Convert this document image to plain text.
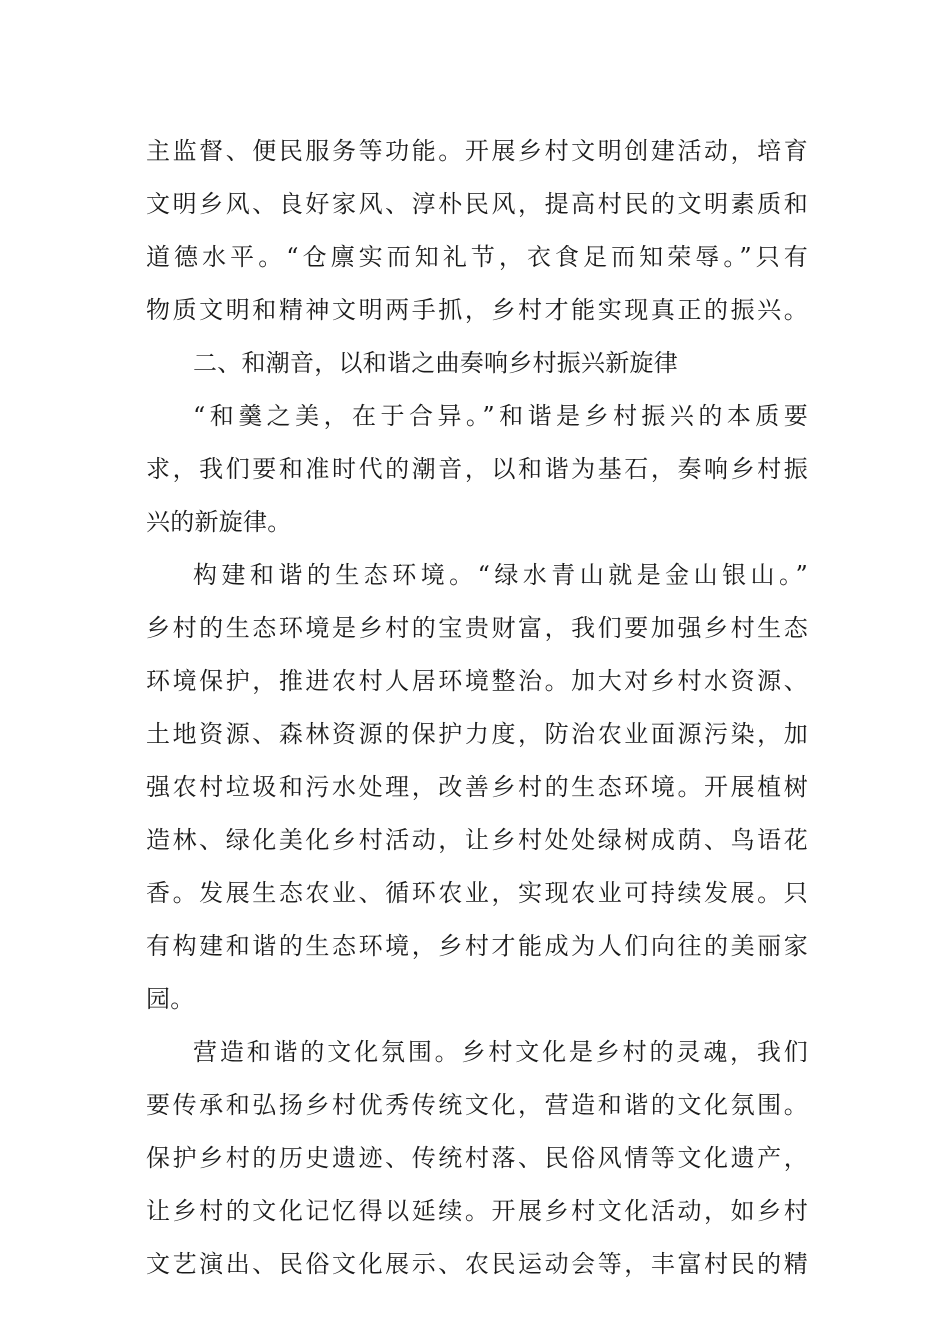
主监督、便民服务等功能。开展乡村文明创建活动，培育
文明乡风、良好家风、淳朴民风，提高村民的文明素质和
道德水平。“仓廪实而知礼节，衣食足而知荣辱。”只有
物质文明和精神文明两手抓，乡村才能实现真正的振兴。
二、和潮音，以和谐之曲奏响乡村振兴新旋律
“和羹之美，在于合异。”和谐是乡村振兴的本质要
求，我们要和准时代的潮音，以和谐为基石，奏响乡村振
兴的新旋律。
构建和谐的生态环境。“绿水青山就是金山银山。”
乡村的生态环境是乡村的宝贵财富，我们要加强乡村生态
环境保护，推进农村人居环境整治。加大对乡村水资源、
土地资源、森林资源的保护力度，防治农业面源污染，加
强农村垃圾和污水处理，改善乡村的生态环境。开展植树
造林、绿化美化乡村活动，让乡村处处绿树成荫、鸟语花
香。发展生态农业、循环农业，实现农业可持续发展。只
有构建和谐的生态环境，乡村才能成为人们向往的美丽家
园。
营造和谐的文化氛围。乡村文化是乡村的灵魂，我们
要传承和弘扬乡村优秀传统文化，营造和谐的文化氛围。
保护乡村的历史遗迹、传统村落、民俗风情等文化遗产，
让乡村的文化记忆得以延续。开展乡村文化活动，如乡村
文艺演出、民俗文化展示、农民运动会等，丰富村民的精
